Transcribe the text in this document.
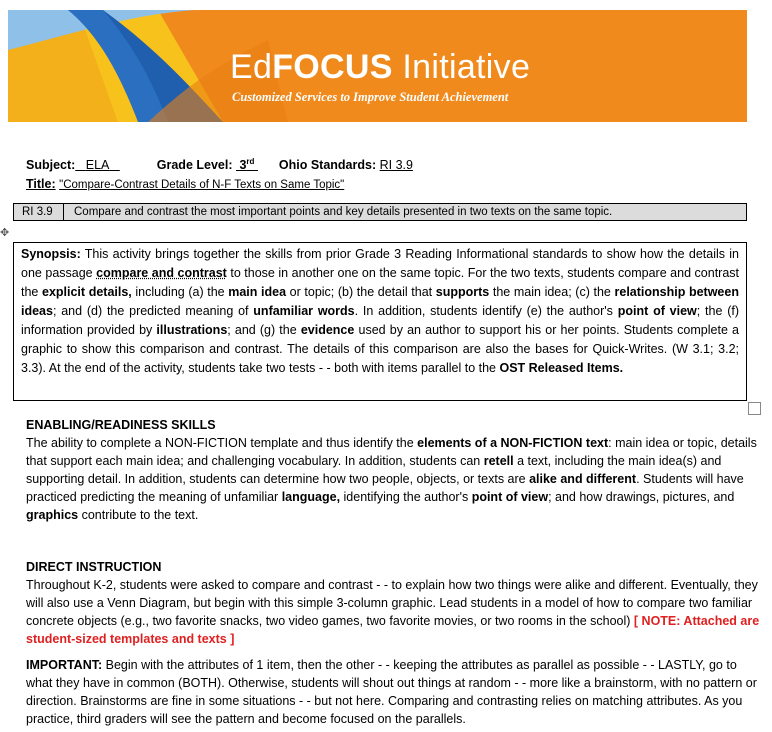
EdFOCUS Initiative
Customized Services to Improve Student Achievement
Subject: ELA	Grade Level: 3rd Ohio Standards: RI 3.9
Title: "Compare-Contrast Details of N-F Texts on Same Topic"
RI 3.9	Compare and contrast the most important points and key details presented in two texts on the same topic.
✥
Synopsis: This activity brings together the skills from prior Grade 3 Reading Informational standards to show how the details in one passage compare and contrast to those in another one on the same topic. For the two texts, students compare and contrast the explicit details, including (a) the main idea or topic; (b) the detail that supports the main idea; (c) the relationship between ideas; and (d) the predicted meaning of unfamiliar words. In addition, students identify (e) the author's point of view; the (f) information provided by illustrations; and (g) the evidence used by an author to support his or her points. Students complete a graphic to show this comparison and contrast. The details of this comparison are also the bases for Quick-Writes. (W 3.1; 3.2; 3.3). At the end of the activity, students take two tests - - both with items parallel to the OST Released Items.
ENABLING/READINESS SKILLS
The ability to complete a NON-FICTION template and thus identify the elements of a NON-FICTION text: main idea or topic, details that support each main idea; and challenging vocabulary. In addition, students can retell a text, including the main idea(s) and supporting detail. In addition, students can determine how two people, objects, or texts are alike and different. Students will have practiced predicting the meaning of unfamiliar language, identifying the author's point of view; and how drawings, pictures, and graphics contribute to the text.
DIRECT INSTRUCTION
Throughout K-2, students were asked to compare and contrast - - to explain how two things were alike and different. Eventually, they will also use a Venn Diagram, but begin with this simple 3-column graphic. Lead students in a model of how to compare two familiar concrete objects (e.g., two favorite snacks, two video games, two favorite movies, or two rooms in the school) [ NOTE: Attached are student-sized templates and texts ]
IMPORTANT: Begin with the attributes of 1 item, then the other - - keeping the attributes as parallel as possible - - LASTLY, go to what they have in common (BOTH). Otherwise, students will shout out things at random - - more like a brainstorm, with no pattern or direction. Brainstorms are fine in some situations - - but not here. Comparing and contrasting relies on matching attributes. As you practice, third graders will see the pattern and become focused on the parallels.
